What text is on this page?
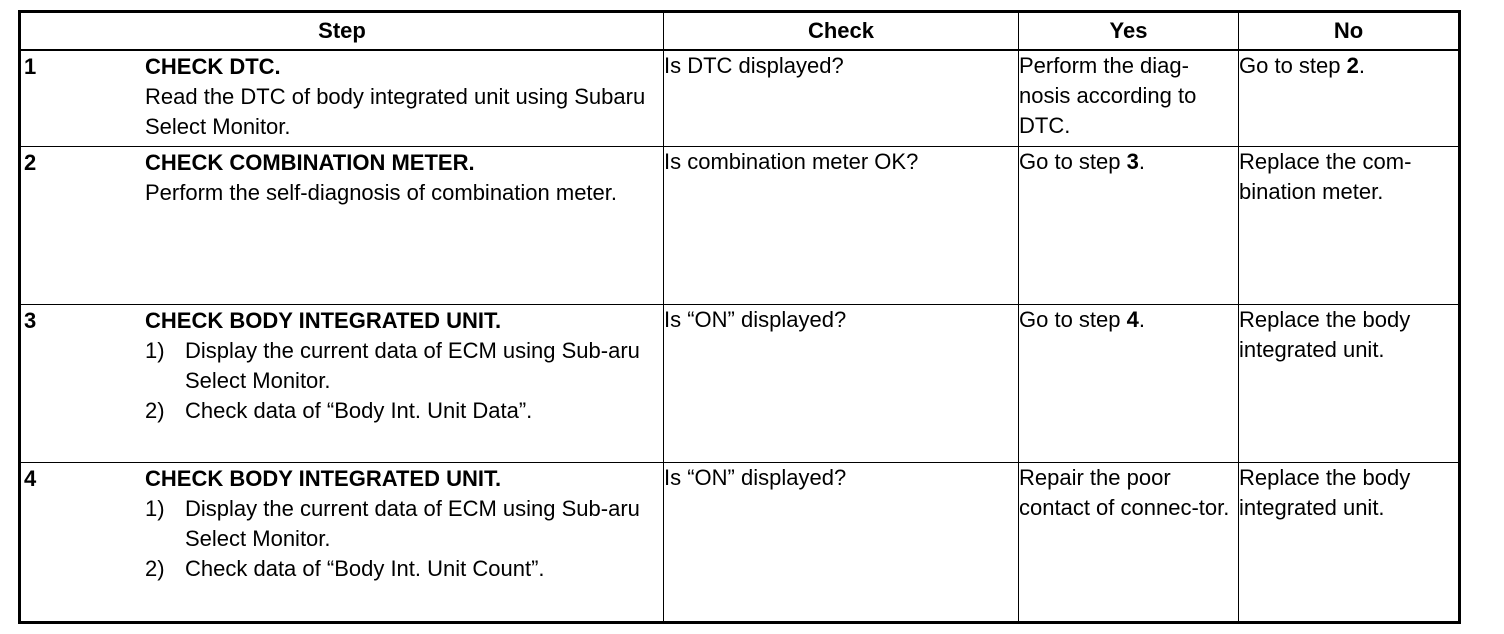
Step	Check	Yes	No

1 CHECK DTC.
Read the DTC of body integrated unit using Subaru Select Monitor.	Is DTC displayed?	Perform the diag-nosis according to DTC.	Go to step 2.

2 CHECK COMBINATION METER.
Perform the self-diagnosis of combination meter.	Is combination meter OK?	Go to step 3.	Replace the com-bination meter.

3 CHECK BODY INTEGRATED UNIT.
1) Display the current data of ECM using Sub-aru Select Monitor.
2) Check data of “Body Int. Unit Data”.	Is “ON” displayed?	Go to step 4.	Replace the body integrated unit.

4 CHECK BODY INTEGRATED UNIT.
1) Display the current data of ECM using Sub-aru Select Monitor.
2) Check data of “Body Int. Unit Count”.	Is “ON” displayed?	Repair the poor contact of connec-tor.	Replace the body integrated unit.
